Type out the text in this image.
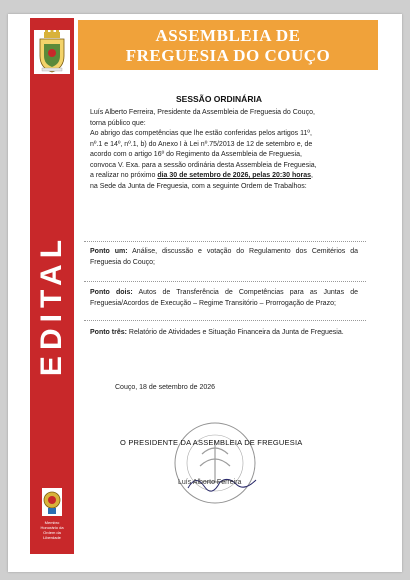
EDITAL
Membro
Honorário da
Ordem da
Liberdade
ASSEMBLEIA DE
FREGUESIA DO COUÇO
SESSÃO ORDINÁRIA

Luís Alberto Ferreira, Presidente da Assembleia de Freguesia do Couço,

torna público que:

Ao abrigo das competências que lhe estão conferidas pelos artigos 11º,

nº.1 e 14º, nº.1, b) do Anexo I à Lei nº.75/2013 de 12 de setembro e, de

acordo com o artigo 16º do Regimento da Assembleia de Freguesia,

convoca V. Exa. para a sessão ordinária desta Assembleia de Freguesia,

a realizar no próximo dia 30 de setembro de 2026, pelas 20:30 horas,

na Sede da Junta de Freguesia, com a seguinte Ordem de Trabalhos:

Ponto um: Análise, discussão e votação do Regulamento dos Cemitérios da Freguesia do Couço;
Ponto dois: Autos de Transferência de Competências para as Juntas de Freguesia/Acordos de Execução – Regime Transitório – Prorrogação de Prazo;
Ponto três: Relatório de Atividades e Situação Financeira da Junta de Freguesia.
Couço, 18 de setembro de 2026
O PRESIDENTE DA ASSEMBLEIA DE FREGUESIA
Luís Alberto Ferreira
